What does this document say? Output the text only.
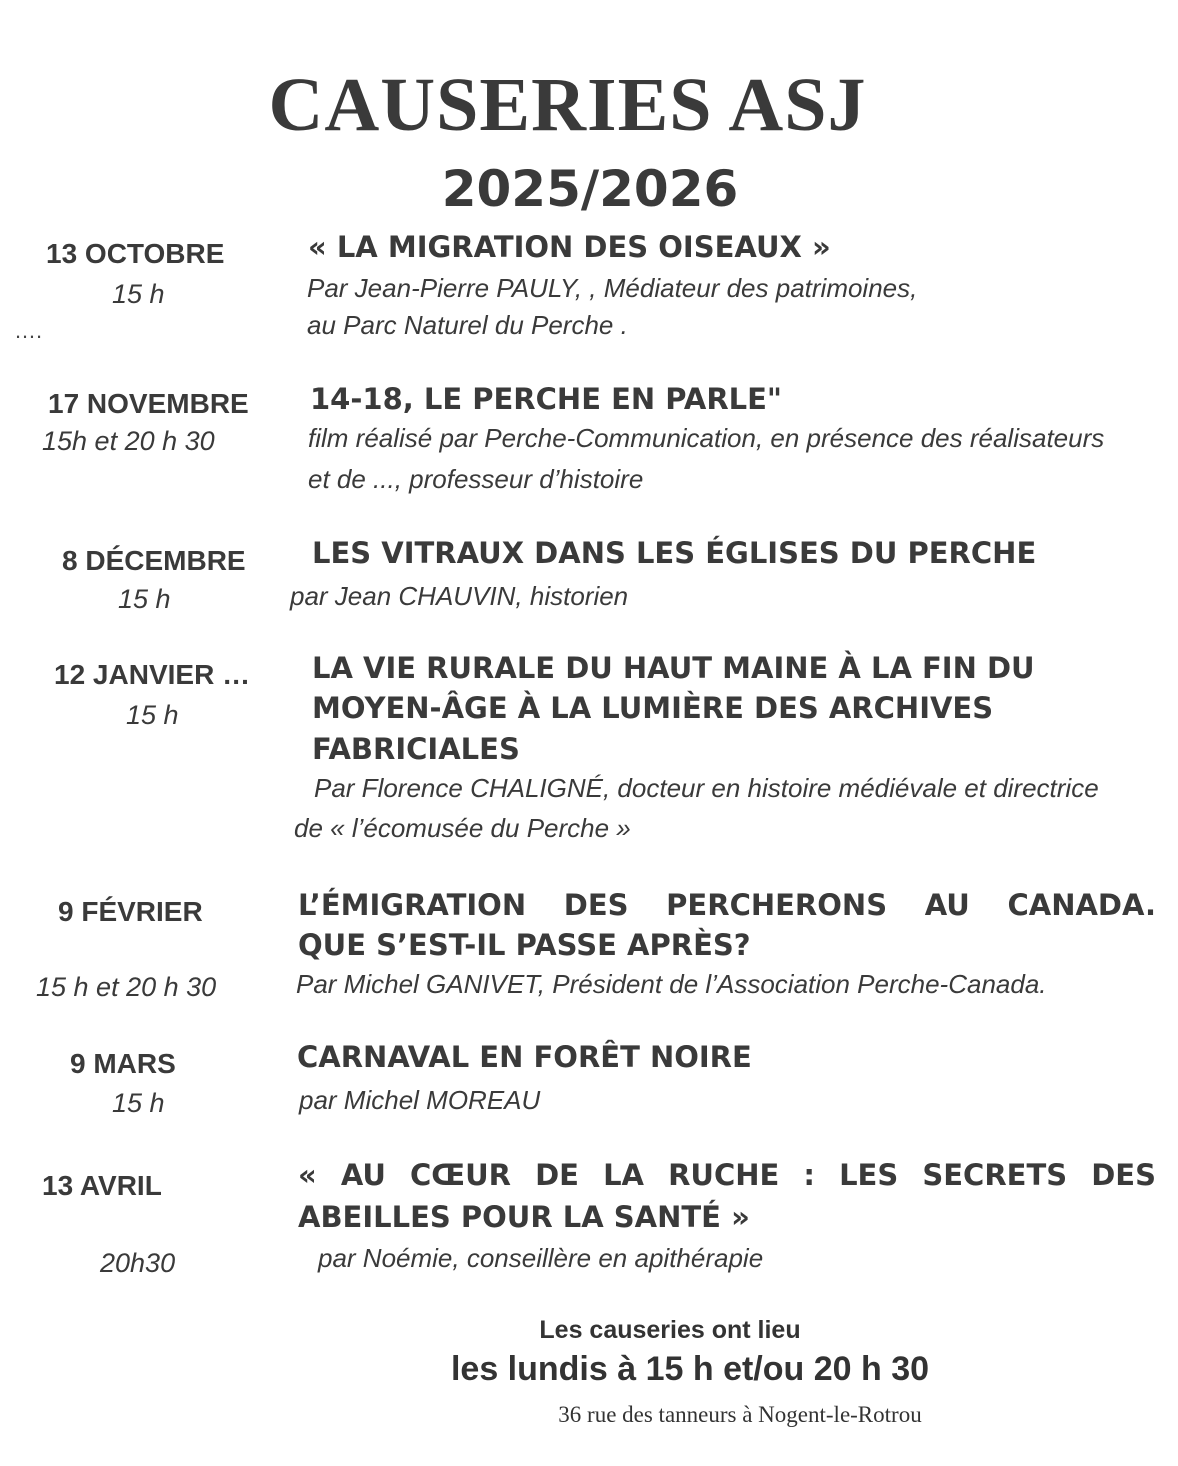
CAUSERIES ASJ
2025/2026
13 OCTOBRE
15 h
« LA MIGRATION DES OISEAUX »
Par Jean-Pierre PAULY, , Médiateur des patrimoines,
au Parc Naturel du Perche .
….
17 NOVEMBRE
15h et 20 h 30
14-18, LE PERCHE EN PARLE"
film réalisé par Perche-Communication, en présence des réalisateurs
et de ..., professeur d’histoire
8 DÉCEMBRE
15 h
LES VITRAUX DANS LES ÉGLISES DU PERCHE
par Jean CHAUVIN, historien
12 JANVIER …
15 h
LA VIE RURALE DU HAUT MAINE À LA FIN DU
MOYEN-ÂGE À LA LUMIÈRE DES ARCHIVES
FABRICIALES
Par Florence CHALIGNÉ, docteur en histoire médiévale et directrice
de « l’écomusée du Perche »
9 FÉVRIER
15 h et 20 h 30
L’ÉMIGRATION DES PERCHERONS AU CANADA.
QUE S’EST-IL PASSE APRÈS?
Par Michel GANIVET, Président de l’Association Perche-Canada.
9 MARS
15 h
CARNAVAL EN FORÊT NOIRE
par Michel MOREAU
13 AVRIL
20h30
« AU CŒUR DE LA RUCHE : LES SECRETS DES
ABEILLES POUR LA SANTÉ »
par Noémie, conseillère en apithérapie
Les causeries ont lieu
les lundis à 15 h et/ou 20 h 30
36 rue des tanneurs à Nogent-le-Rotrou
